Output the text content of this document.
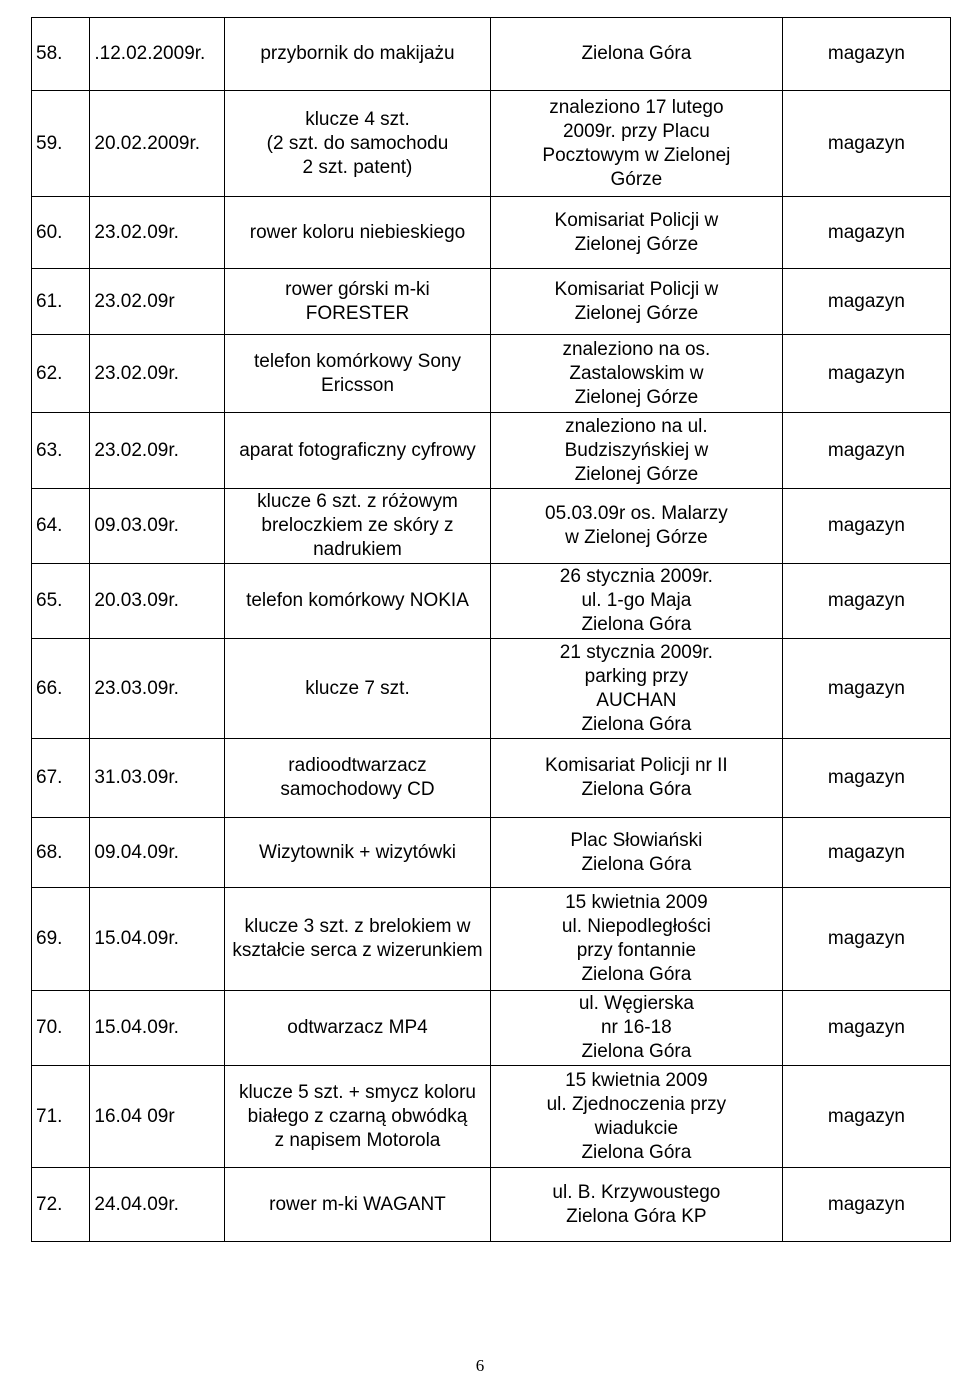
58.	.12.02.2009r.	przybornik do makijażu	Zielona Góra	magazyn
59.	20.02.2009r.	klucze 4 szt.
(2 szt. do samochodu
2 szt. patent)	znaleziono 17 lutego
2009r. przy Placu
Pocztowym w Zielonej
Górze	magazyn
60.	23.02.09r.	rower koloru niebieskiego	Komisariat Policji w
Zielonej Górze	magazyn
61.	23.02.09r	rower górski m-ki
FORESTER	Komisariat Policji w
Zielonej Górze	magazyn
62.	23.02.09r.	telefon komórkowy Sony
Ericsson	znaleziono na os.
Zastalowskim w
Zielonej Górze	magazyn
63.	23.02.09r.	aparat fotograficzny cyfrowy	znaleziono na ul.
Budziszyńskiej w
Zielonej Górze	magazyn
64.	09.03.09r.	klucze 6 szt. z różowym
breloczkiem ze skóry z
nadrukiem	05.03.09r os. Malarzy
w Zielonej Górze	magazyn
65.	20.03.09r.	telefon komórkowy NOKIA	26 stycznia 2009r.
ul. 1-go Maja
Zielona Góra	magazyn
66.	23.03.09r.	klucze 7 szt.	21 stycznia 2009r.
parking przy
AUCHAN
Zielona Góra	magazyn
67.	31.03.09r.	radioodtwarzacz
samochodowy CD	Komisariat Policji nr II
Zielona Góra	magazyn
68.	09.04.09r.	Wizytownik + wizytówki	Plac Słowiański
Zielona Góra	magazyn
69.	15.04.09r.	klucze 3 szt. z brelokiem w
kształcie serca z wizerunkiem	15 kwietnia 2009
ul. Niepodległości
przy fontannie
Zielona Góra	magazyn
70.	15.04.09r.	odtwarzacz MP4	ul. Węgierska
nr 16-18
Zielona Góra	magazyn
71.	16.04 09r	klucze 5 szt. + smycz koloru
białego z czarną obwódką
z napisem Motorola	15 kwietnia 2009
ul. Zjednoczenia przy
wiadukcie
Zielona Góra	magazyn
72.	24.04.09r.	rower m-ki WAGANT	ul. B. Krzywoustego
Zielona Góra KP	magazyn
6
